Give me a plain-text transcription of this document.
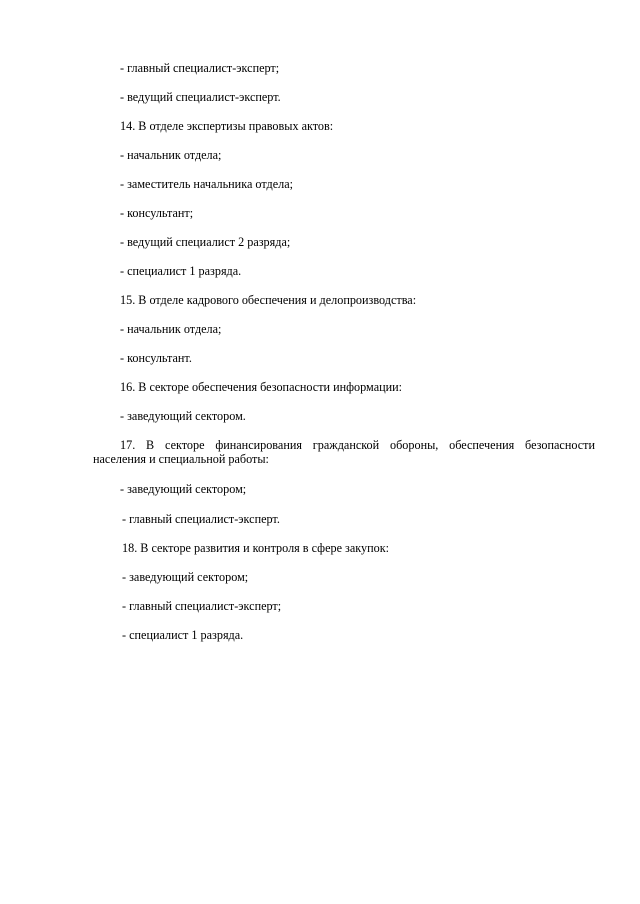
- главный специалист-эксперт;
- ведущий специалист-эксперт.
14. В отделе экспертизы правовых актов:
- начальник отдела;
- заместитель начальника отдела;
- консультант;
- ведущий специалист 2 разряда;
- специалист 1 разряда.
15. В отделе кадрового обеспечения и делопроизводства:
- начальник отдела;
- консультант.
16. В секторе обеспечения безопасности информации:
- заведующий сектором.
17. В секторе финансирования гражданской обороны, обеспечения безопасности
населения и специальной работы:
- заведующий сектором;
- главный специалист-эксперт.
18. В секторе развития и контроля в сфере закупок:
- заведующий сектором;
- главный специалист-эксперт;
- специалист 1 разряда.
